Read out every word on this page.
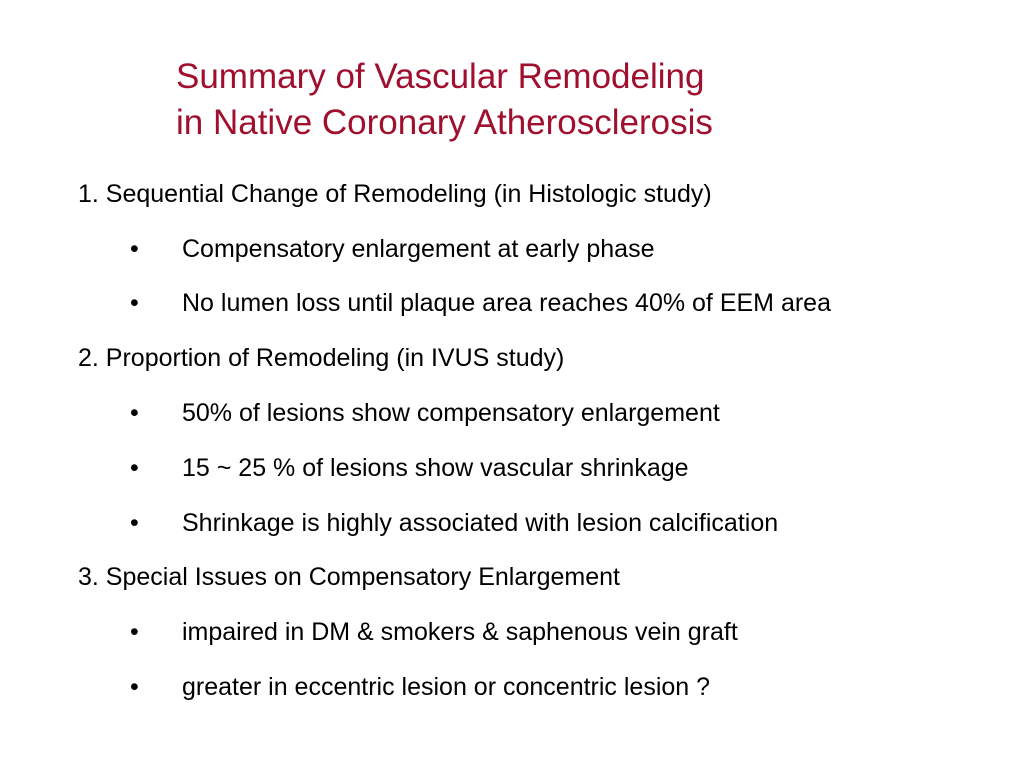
Summary of Vascular Remodeling
in Native Coronary Atherosclerosis
1. Sequential Change of Remodeling (in Histologic study)
•	Compensatory enlargement at early phase
•	No lumen loss until plaque area reaches 40% of EEM area
2. Proportion of Remodeling (in IVUS study)
•	50% of lesions show compensatory enlargement
•	15 ~ 25 % of lesions show vascular shrinkage
•	Shrinkage is highly associated with lesion calcification
3. Special Issues on Compensatory Enlargement
•	impaired in DM & smokers & saphenous vein graft
•	greater in eccentric lesion or concentric lesion ?
